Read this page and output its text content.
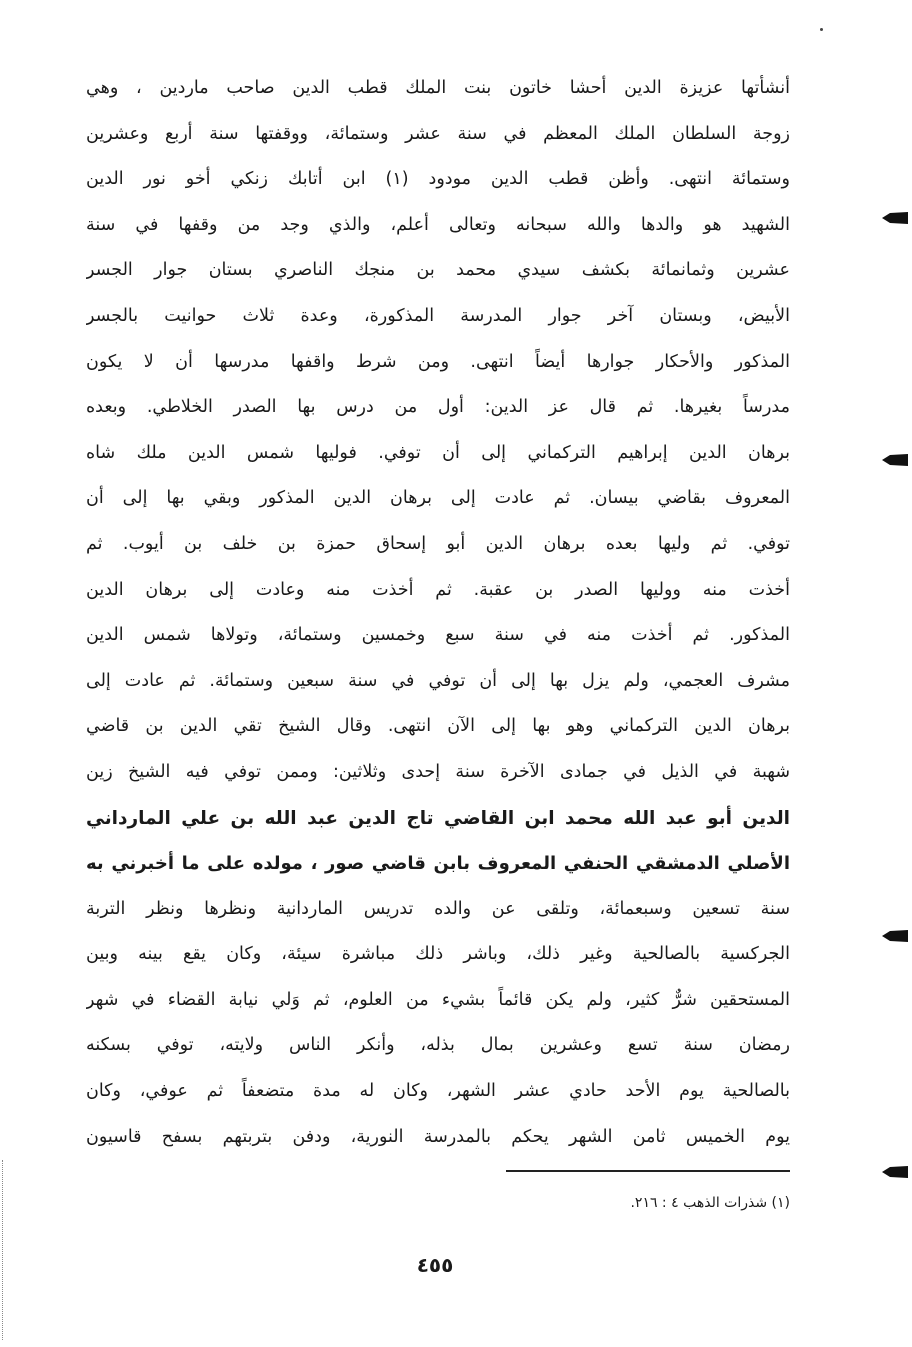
أنشأتها عزيزة الدين أحشا خاتون بنت الملك قطب الدين صاحب ماردين ، وهي
زوجة السلطان الملك المعظم في سنة عشر وستمائة، ووقفتها سنة أربع وعشرين
وستمائة انتهى. وأظن قطب الدين مودود (١) ابن أتابك زنكي أخو نور الدين
الشهيد هو والدها والله سبحانه وتعالى أعلم، والذي وجد من وقفها في سنة
عشرين وثمانمائة بكشف سيدي محمد بن منجك الناصري بستان جوار الجسر
الأبيض، وبستان آخر جوار المدرسة المذكورة، وعدة ثلاث حوانيت بالجسر
المذكور والأحكار جوارها أيضاً انتهى. ومن شرط واقفها مدرسها أن لا يكون
مدرساً بغيرها. ثم قال عز الدين: أول من درس بها الصدر الخلاطي. وبعده
برهان الدين إبراهيم التركماني إلى أن توفي. فوليها شمس الدين ملك شاه
المعروف بقاضي بيسان. ثم عادت إلى برهان الدين المذكور وبقي بها إلى أن
توفي. ثم وليها بعده برهان الدين أبو إسحاق حمزة بن خلف بن أيوب. ثم
أخذت منه ووليها الصدر بن عقبة. ثم أخذت منه وعادت إلى برهان الدين
المذكور. ثم أخذت منه في سنة سبع وخمسين وستمائة، وتولاها شمس الدين
مشرف العجمي، ولم يزل بها إلى أن توفي في سنة سبعين وستمائة. ثم عادت إلى
برهان الدين التركماني وهو بها إلى الآن انتهى. وقال الشيخ تقي الدين بن قاضي
شهبة في الذيل في جمادى الآخرة سنة إحدى وثلاثين: وممن توفي فيه الشيخ زين
الدين أبو عبد الله محمد ابن القاضي تاج الدين عبد الله بن علي المارداني
الأصلي الدمشقي الحنفي المعروف بابن قاضي صور ، مولده على ما أخبرني به
سنة تسعين وسبعمائة، وتلقى عن والده تدريس الماردانية ونظرها ونظر التربة
الجركسية بالصالحية وغير ذلك، وباشر ذلك مباشرة سيئة، وكان يقع بينه وبين
المستحقين شرٌّ كثير، ولم يكن قائماً بشيء من العلوم، ثم وَلي نيابة القضاء في شهر
رمضان سنة تسع وعشرين بمال بذله، وأنكر الناس ولايته، توفي بسكنه
بالصالحية يوم الأحد حادي عشر الشهر، وكان له مدة متضعفاً ثم عوفي، وكان
يوم الخميس ثامن الشهر يحكم بالمدرسة النورية، ودفن بتربتهم بسفح قاسيون
(١) شذرات الذهب ٤ : ٢١٦.
٤٥٥
